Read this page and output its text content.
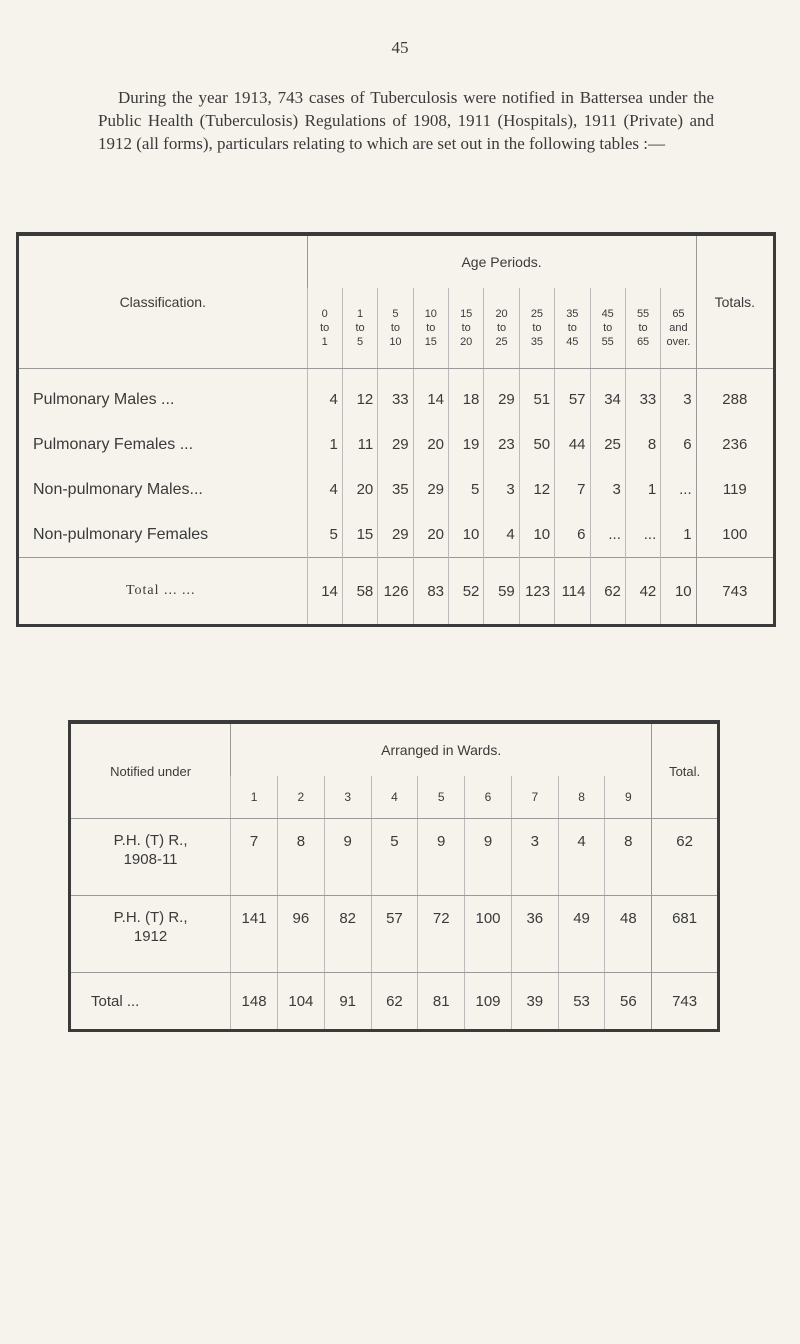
45

During the year 1913, 743 cases of Tuberculosis were notified in Battersea under the Public Health (Tuberculosis) Regulations of 1908, 1911 (Hospitals), 1911 (Private) and 1912 (all forms), particulars relating to which are set out in the following tables :—

Classification.	Age Periods.											Totals.

	0
to
1	1
to
5	5
to
10	10
to
15	15
to
20	20
to
25	25
to
35	35
to
45	45
to
55	55
to
65	65
and
over.	

Pulmonary Males ...	4	12	33	14	18	29	51	57	34	33	3	288
Pulmonary Females ...	1	11	29	20	19	23	50	44	25	8	6	236
Non-pulmonary Males...	4	20	35	29	5	3	12	7	3	1	...	119
Non-pulmonary Females	5	15	29	20	10	4	10	6	...	...	1	100
Total ... ...	14	58	126	83	52	59	123	114	62	42	10	743
Notified under	Arranged in Wards.									Total.
	1	2	3	4	5	6	7	8	9	

P.H. (T) R.,
1908-11	7	8	9	5	9	9	3	4	8	62

P.H. (T) R.,
1912	141	96	82	57	72	100	36	49	48	681
Total ...	148	104	91	62	81	109	39	53	56	743
